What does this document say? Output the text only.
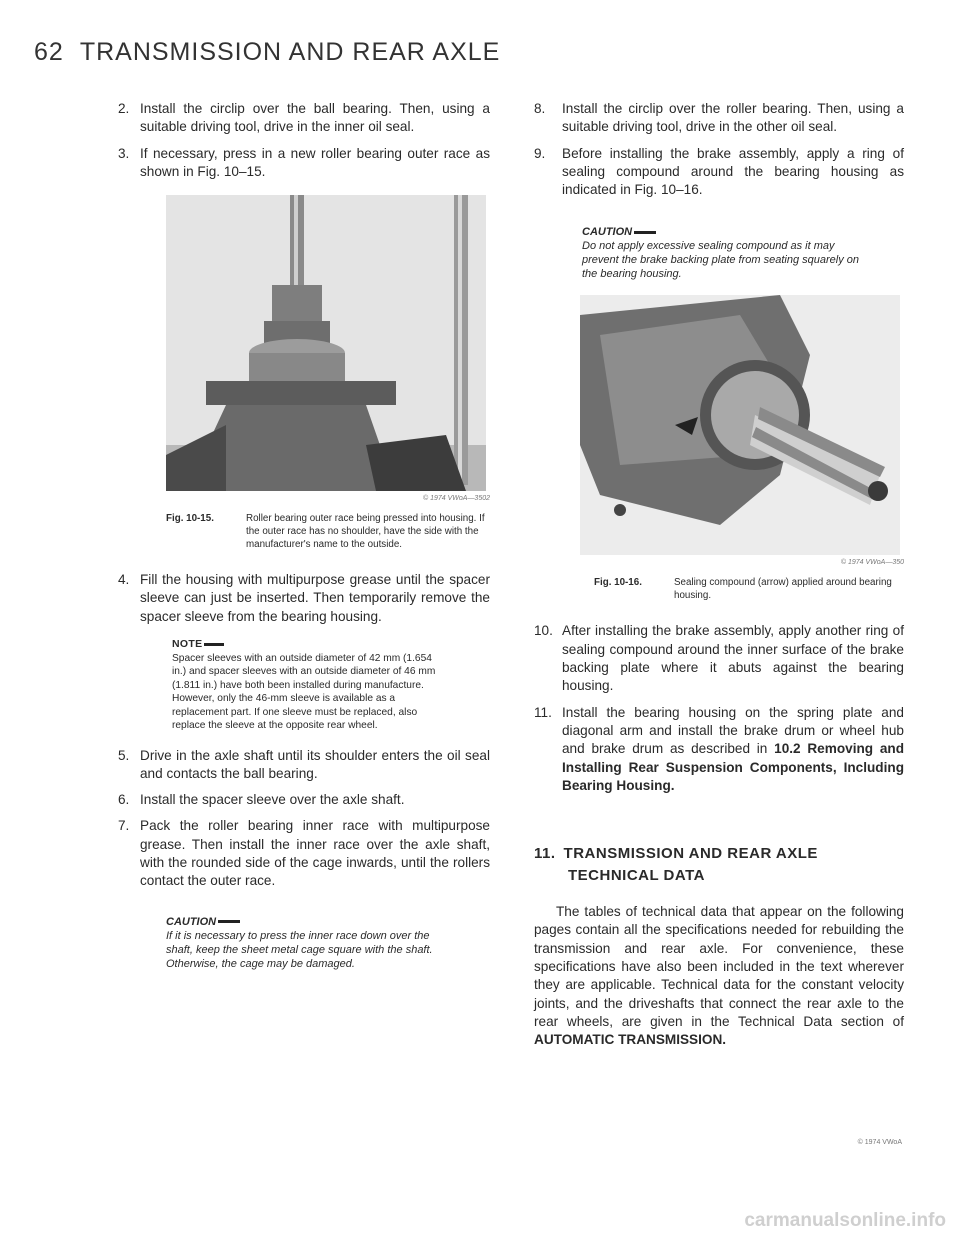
62 TRANSMISSION AND REAR AXLE
2. Install the circlip over the ball bearing. Then, using a suitable driving tool, drive in the inner oil seal.
3. If necessary, press in a new roller bearing outer race as shown in Fig. 10–15.
© 1974 VWoA—3502
Fig. 10-15.	Roller bearing outer race being pressed into housing. If the outer race has no shoulder, have the side with the manufacturer's name to the outside.
4. Fill the housing with multipurpose grease until the spacer sleeve can just be inserted. Then temporarily remove the spacer sleeve from the bearing housing.
NOTE
Spacer sleeves with an outside diameter of 42 mm (1.654 in.) and spacer sleeves with an outside diameter of 46 mm (1.811 in.) have both been installed during manufacture. However, only the 46-mm sleeve is available as a replacement part. If one sleeve must be replaced, also replace the sleeve at the opposite rear wheel.
5. Drive in the axle shaft until its shoulder enters the oil seal and contacts the ball bearing.
6. Install the spacer sleeve over the axle shaft.
7. Pack the roller bearing inner race with multipurpose grease. Then install the inner race over the axle shaft, with the rounded side of the cage inwards, until the rollers contact the outer race.
CAUTION
If it is necessary to press the inner race down over the shaft, keep the sheet metal cage square with the shaft. Otherwise, the cage may be damaged.
8. Install the circlip over the roller bearing. Then, using a suitable driving tool, drive in the other oil seal.
9. Before installing the brake assembly, apply a ring of sealing compound around the bearing housing as indicated in Fig. 10–16.
CAUTION
Do not apply excessive sealing compound as it may prevent the brake backing plate from seating squarely on the bearing housing.
© 1974 VWoA—350
Fig. 10-16.	Sealing compound (arrow) applied around bearing housing.
10. After installing the brake assembly, apply another ring of sealing compound around the inner surface of the brake backing plate where it abuts against the bearing housing.
11. Install the bearing housing on the spring plate and diagonal arm and install the brake drum or wheel hub and brake drum as described in 10.2 Removing and Installing Rear Suspension Components, Including Bearing Housing.
11. TRANSMISSION AND REAR AXLE
TECHNICAL DATA
The tables of technical data that appear on the following pages contain all the specifications needed for rebuilding the transmission and rear axle. For convenience, these specifications have also been included in the text wherever they are applicable. Technical data for the constant velocity joints, and the driveshafts that connect the rear axle to the rear wheels, are given in the Technical Data section of AUTOMATIC TRANSMISSION.
© 1974 VWoA
carmanualsonline.info
